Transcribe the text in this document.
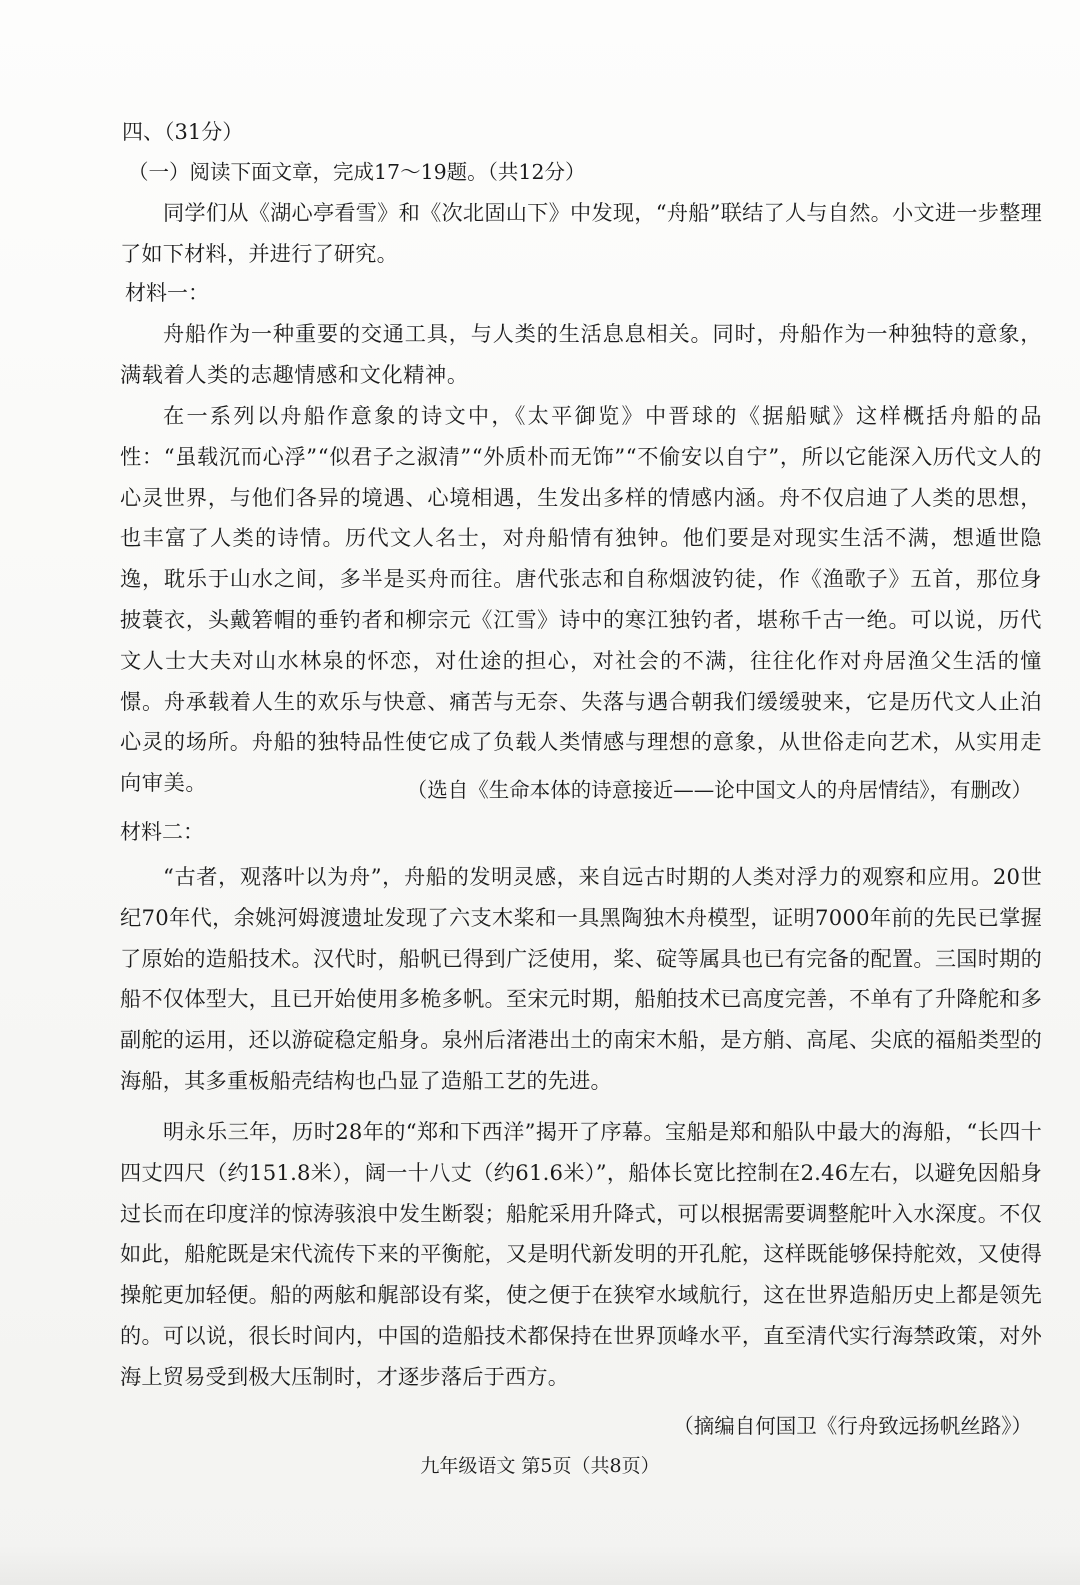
四、（31分）
（一）阅读下面文章，完成17～19题。（共12分）
同学们从《湖心亭看雪》和《次北固山下》中发现，“舟船”联结了人与自然。小文进一步整理了如下材料，并进行了研究。
材料一：
舟船作为一种重要的交通工具，与人类的生活息息相关。同时，舟船作为一种独特的意象，满载着人类的志趣情感和文化精神。
在一系列以舟船作意象的诗文中，《太平御览》中晋球的《据船赋》这样概括舟船的品性：“虽载沉而心浮”“似君子之淑清”“外质朴而无饰”“不偷安以自宁”，所以它能深入历代文人的心灵世界，与他们各异的境遇、心境相遇，生发出多样的情感内涵。舟不仅启迪了人类的思想，也丰富了人类的诗情。历代文人名士，对舟船情有独钟。他们要是对现实生活不满，想遁世隐逸，耽乐于山水之间，多半是买舟而往。唐代张志和自称烟波钓徒，作《渔歌子》五首，那位身披蓑衣，头戴箬帽的垂钓者和柳宗元《江雪》诗中的寒江独钓者，堪称千古一绝。可以说，历代文人士大夫对山水林泉的怀恋，对仕途的担心，对社会的不满，往往化作对舟居渔父生活的憧憬。舟承载着人生的欢乐与快意、痛苦与无奈、失落与遇合朝我们缓缓驶来，它是历代文人止泊心灵的场所。舟船的独特品性使它成了负载人类情感与理想的意象，从世俗走向艺术，从实用走向审美。	（选自《生命本体的诗意接近——论中国文人的舟居情结》，有删改）
材料二：
“古者，观落叶以为舟”，舟船的发明灵感，来自远古时期的人类对浮力的观察和应用。20世纪70年代，余姚河姆渡遗址发现了六支木桨和一具黑陶独木舟模型，证明7000年前的先民已掌握了原始的造船技术。汉代时，船帆已得到广泛使用，桨、碇等属具也已有完备的配置。三国时期的船不仅体型大，且已开始使用多桅多帆。至宋元时期，船舶技术已高度完善，不单有了升降舵和多副舵的运用，还以游碇稳定船身。泉州后渚港出土的南宋木船，是方艄、高尾、尖底的福船类型的海船，其多重板船壳结构也凸显了造船工艺的先进。
明永乐三年，历时28年的“郑和下西洋”揭开了序幕。宝船是郑和船队中最大的海船，“长四十四丈四尺（约151.8米），阔一十八丈（约61.6米）”，船体长宽比控制在2.46左右，以避免因船身过长而在印度洋的惊涛骇浪中发生断裂；船舵采用升降式，可以根据需要调整舵叶入水深度。不仅如此，船舵既是宋代流传下来的平衡舵，又是明代新发明的开孔舵，这样既能够保持舵效，又使得操舵更加轻便。船的两舷和艉部设有桨，使之便于在狭窄水域航行，这在世界造船历史上都是领先的。可以说，很长时间内，中国的造船技术都保持在世界顶峰水平，直至清代实行海禁政策，对外海上贸易受到极大压制时，才逐步落后于西方。
（摘编自何国卫《行舟致远扬帆丝路》）
九年级语文 第5页（共8页）
